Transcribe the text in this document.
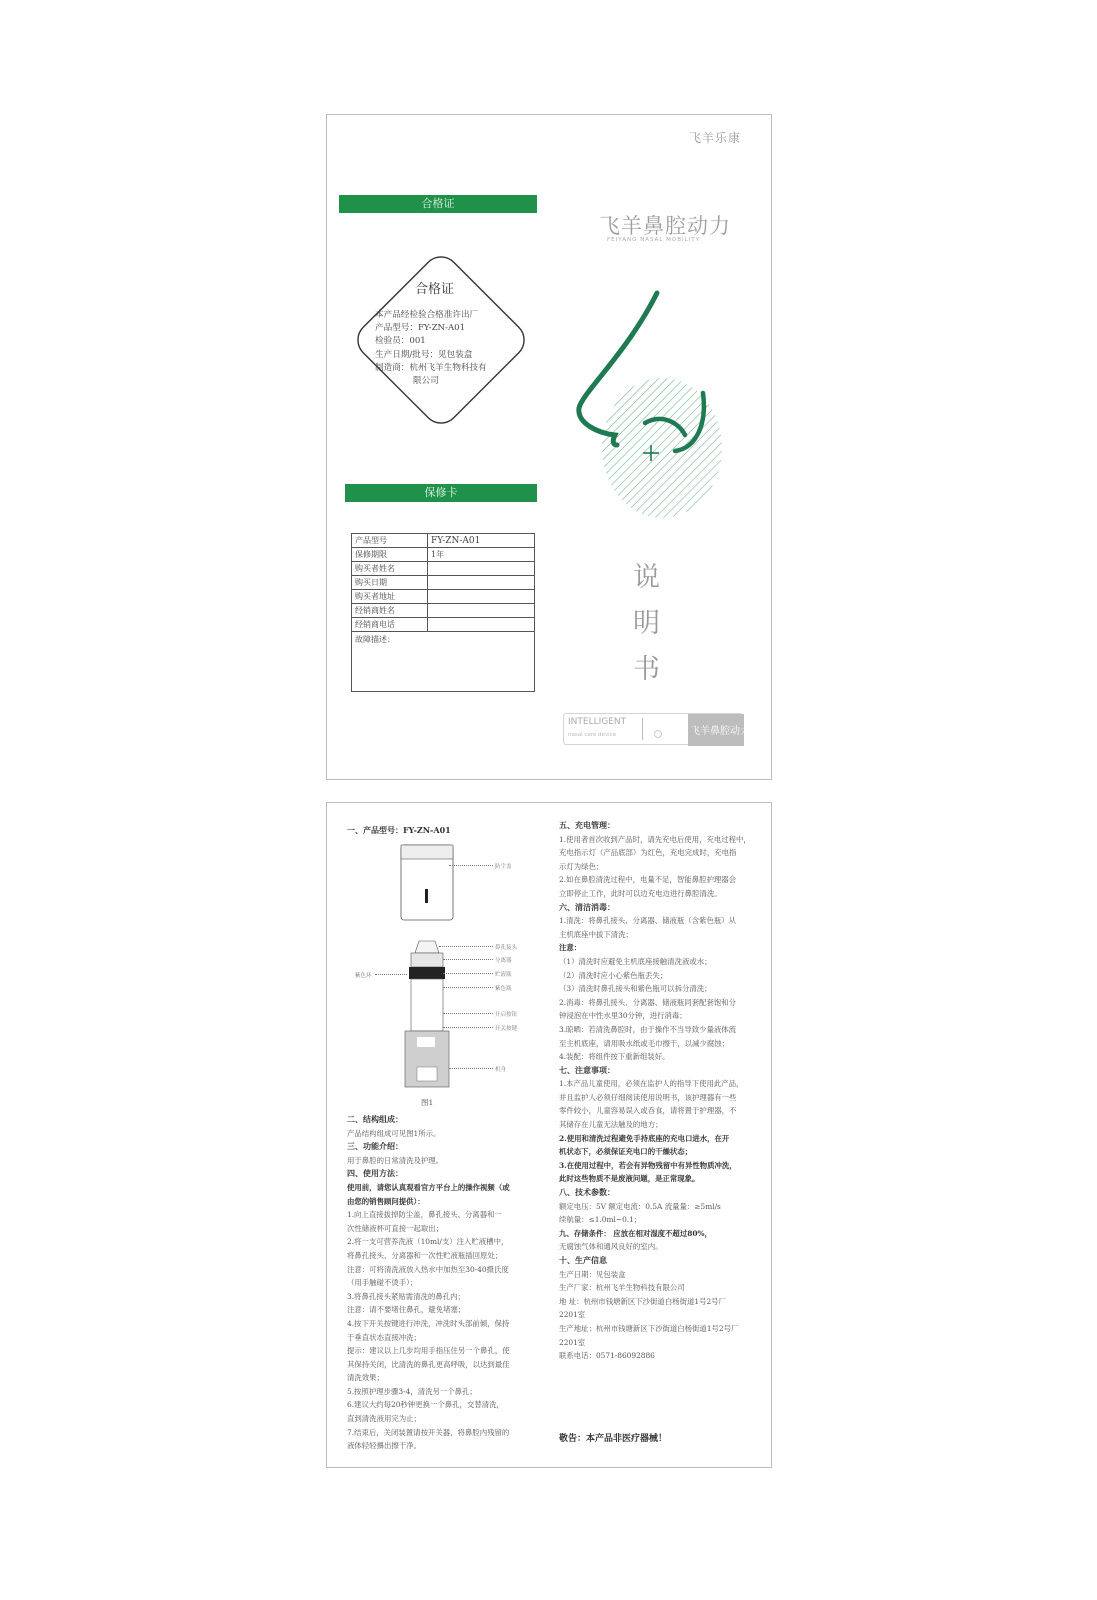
飞羊乐康
合格证
合格证
本产品经检验合格准许出厂
产品型号：FY-ZN-A01
检验员：001
生产日期/批号：见包装盒
制造商：杭州飞羊生物科技有
限公司
保修卡
产品型号	FY-ZN-A01
保修期限	1年
购买者姓名	
购买日期	
购买者地址	
经销商姓名	
经销商电话	
故障描述：	
飞羊鼻腔动力
FEIYANG NASAL MOBILITY
说
明
书
INTELLIGENT
nasal care device	飞羊鼻腔动力
一、产品型号：FY-ZN-A01
防尘盖
鼻孔接头
分离器
贮液瓶
紫色瓶
开启按钮
开关按键
机身
紫色环
图1
二、结构组成：
产品结构组成可见图1所示。
三、功能介绍：
用于鼻腔的日常清洗及护理。
四、使用方法：
使用前，请您认真观看官方平台上的操作视频（或
由您的销售顾问提供）：
1.向上直接拔掉防尘盖，鼻孔接头、分离器和一
次性储液杯可直接一起取出；
2.将一支可营养洗液（10ml/支）注入贮液槽中，
将鼻孔接头、分离器和一次性贮液瓶插回原处；
注意：可将清洗液放入热水中加热至30-40摄氏度
（用手触碰不烫手）；
3.将鼻孔接头紧贴需清洗的鼻孔内；
注意：请不要堵住鼻孔，避免堵塞；
4.按下开关按键进行冲洗，冲洗时头部前倾，保持
于垂直状态直接冲洗；
提示：建议以上几步均用手指压住另一个鼻孔，使
其保持关闭，比清洗的鼻孔更高呼吸，以达到最佳
清洗效果；
5.按照护理步骤3-4，清洗另一个鼻孔；
6.建议大约每20秒钟更换一个鼻孔，交替清洗，
直到清洗液用完为止；
7.结束后，关闭装置请按开关器，将鼻腔内残留的
液体轻轻擤出擦干净。
五、充电管理：
1.使用者首次收到产品时，请先充电后使用，充电过程中，
充电指示灯（产品底部）为红色，充电完成时，充电指
示灯为绿色；
2.如在鼻腔清洗过程中，电量不足，智能鼻腔护理器会
立即停止工作，此时可以边充电边进行鼻腔清洗。
六、清洁消毒：
1.清洗：将鼻孔接头、分离器、储液瓶（含紫色瓶）从
主机底座中拔下清洗；
注意：
（1）清洗时应避免主机底座接触清洗液或水；
（2）清洗时应小心紫色瓶丢失；
（3）清洗时鼻孔接头和紫色瓶可以拆分清洗；
2.消毒：将鼻孔接头、分离器、储液瓶同套配套饱和分
钟浸泡在中性水里30分钟，进行消毒；
3.晾晒：若清洗鼻腔时，由于操作不当导致少量液体流
至主机底座，请用吸水纸或毛巾擦干，以减少腐蚀；
4.装配：将组件按下重新组装好。
七、注意事项：
1.本产品儿童使用，必须在监护人的指导下使用此产品，
并且监护人必须仔细阅读使用说明书，该护理器有一些
零件较小，儿童容易误入或吞食，请将置于护理器，不
其储存在儿童无法触及的地方；
2.使用和清洗过程避免手持底座的充电口进水，在开
机状态下，必须保证充电口的干燥状态；
3.在使用过程中，若会有异物残留中有异性物质冲洗，
此时这些物质不是废液问题，是正常现象。
八、技术参数：
额定电压：5V 额定电流：0.5A 流量量：≥5ml/s
续航量：≤1.0ml~0.1；
九、存储条件： 应放在相对湿度不超过80%，
无腐蚀气体和通风良好的室内。
十、生产信息
生产日期：见包装盒
生产厂家：杭州飞羊生物科技有限公司
地 址：杭州市钱塘新区下沙街道白杨街道1号2号厂
2201室
生产地址：杭州市钱塘新区下沙街道白杨街道1号2号厂
2201室
联系电话：0571-86092886
敬告：本产品非医疗器械！
